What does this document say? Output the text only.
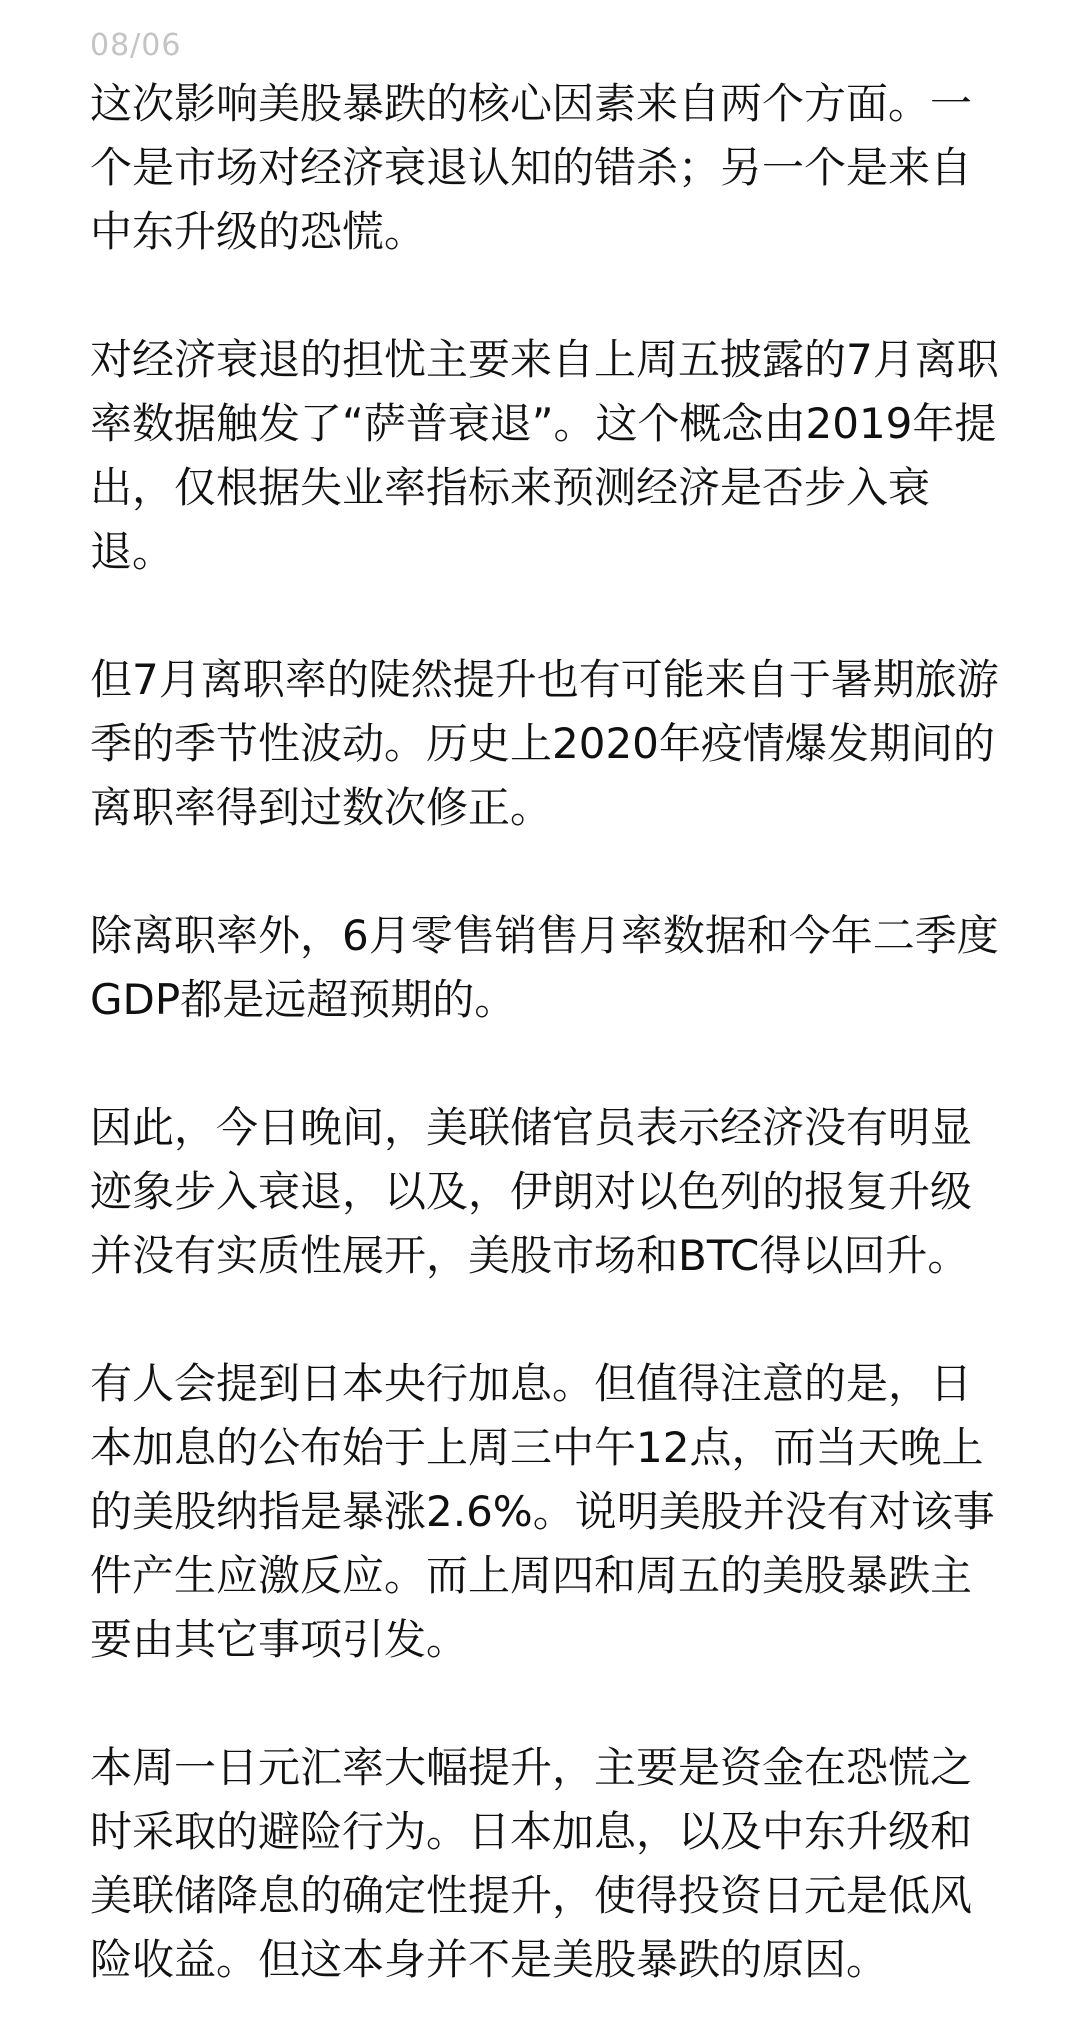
08/06

这次影响美股暴跌的核心因素来自两个方面。一个是市场对经济衰退认知的错杀；另一个是来自中东升级的恐慌。

对经济衰退的担忧主要来自上周五披露的7月离职率数据触发了“萨普衰退”。这个概念由2019年提出，仅根据失业率指标来预测经济是否步入衰退。

但7月离职率的陡然提升也有可能来自于暑期旅游季的季节性波动。历史上2020年疫情爆发期间的离职率得到过数次修正。

除离职率外，6月零售销售月率数据和今年二季度GDP都是远超预期的。

因此，今日晚间，美联储官员表示经济没有明显迹象步入衰退，以及，伊朗对以色列的报复升级并没有实质性展开，美股市场和BTC得以回升。

有人会提到日本央行加息。但值得注意的是，日本加息的公布始于上周三中午12点，而当天晚上的美股纳指是暴涨2.6%。说明美股并没有对该事件产生应激反应。而上周四和周五的美股暴跌主要由其它事项引发。

本周一日元汇率大幅提升，主要是资金在恐慌之时采取的避险行为。日本加息，以及中东升级和美联储降息的确定性提升，使得投资日元是低风险收益。但这本身并不是美股暴跌的原因。
